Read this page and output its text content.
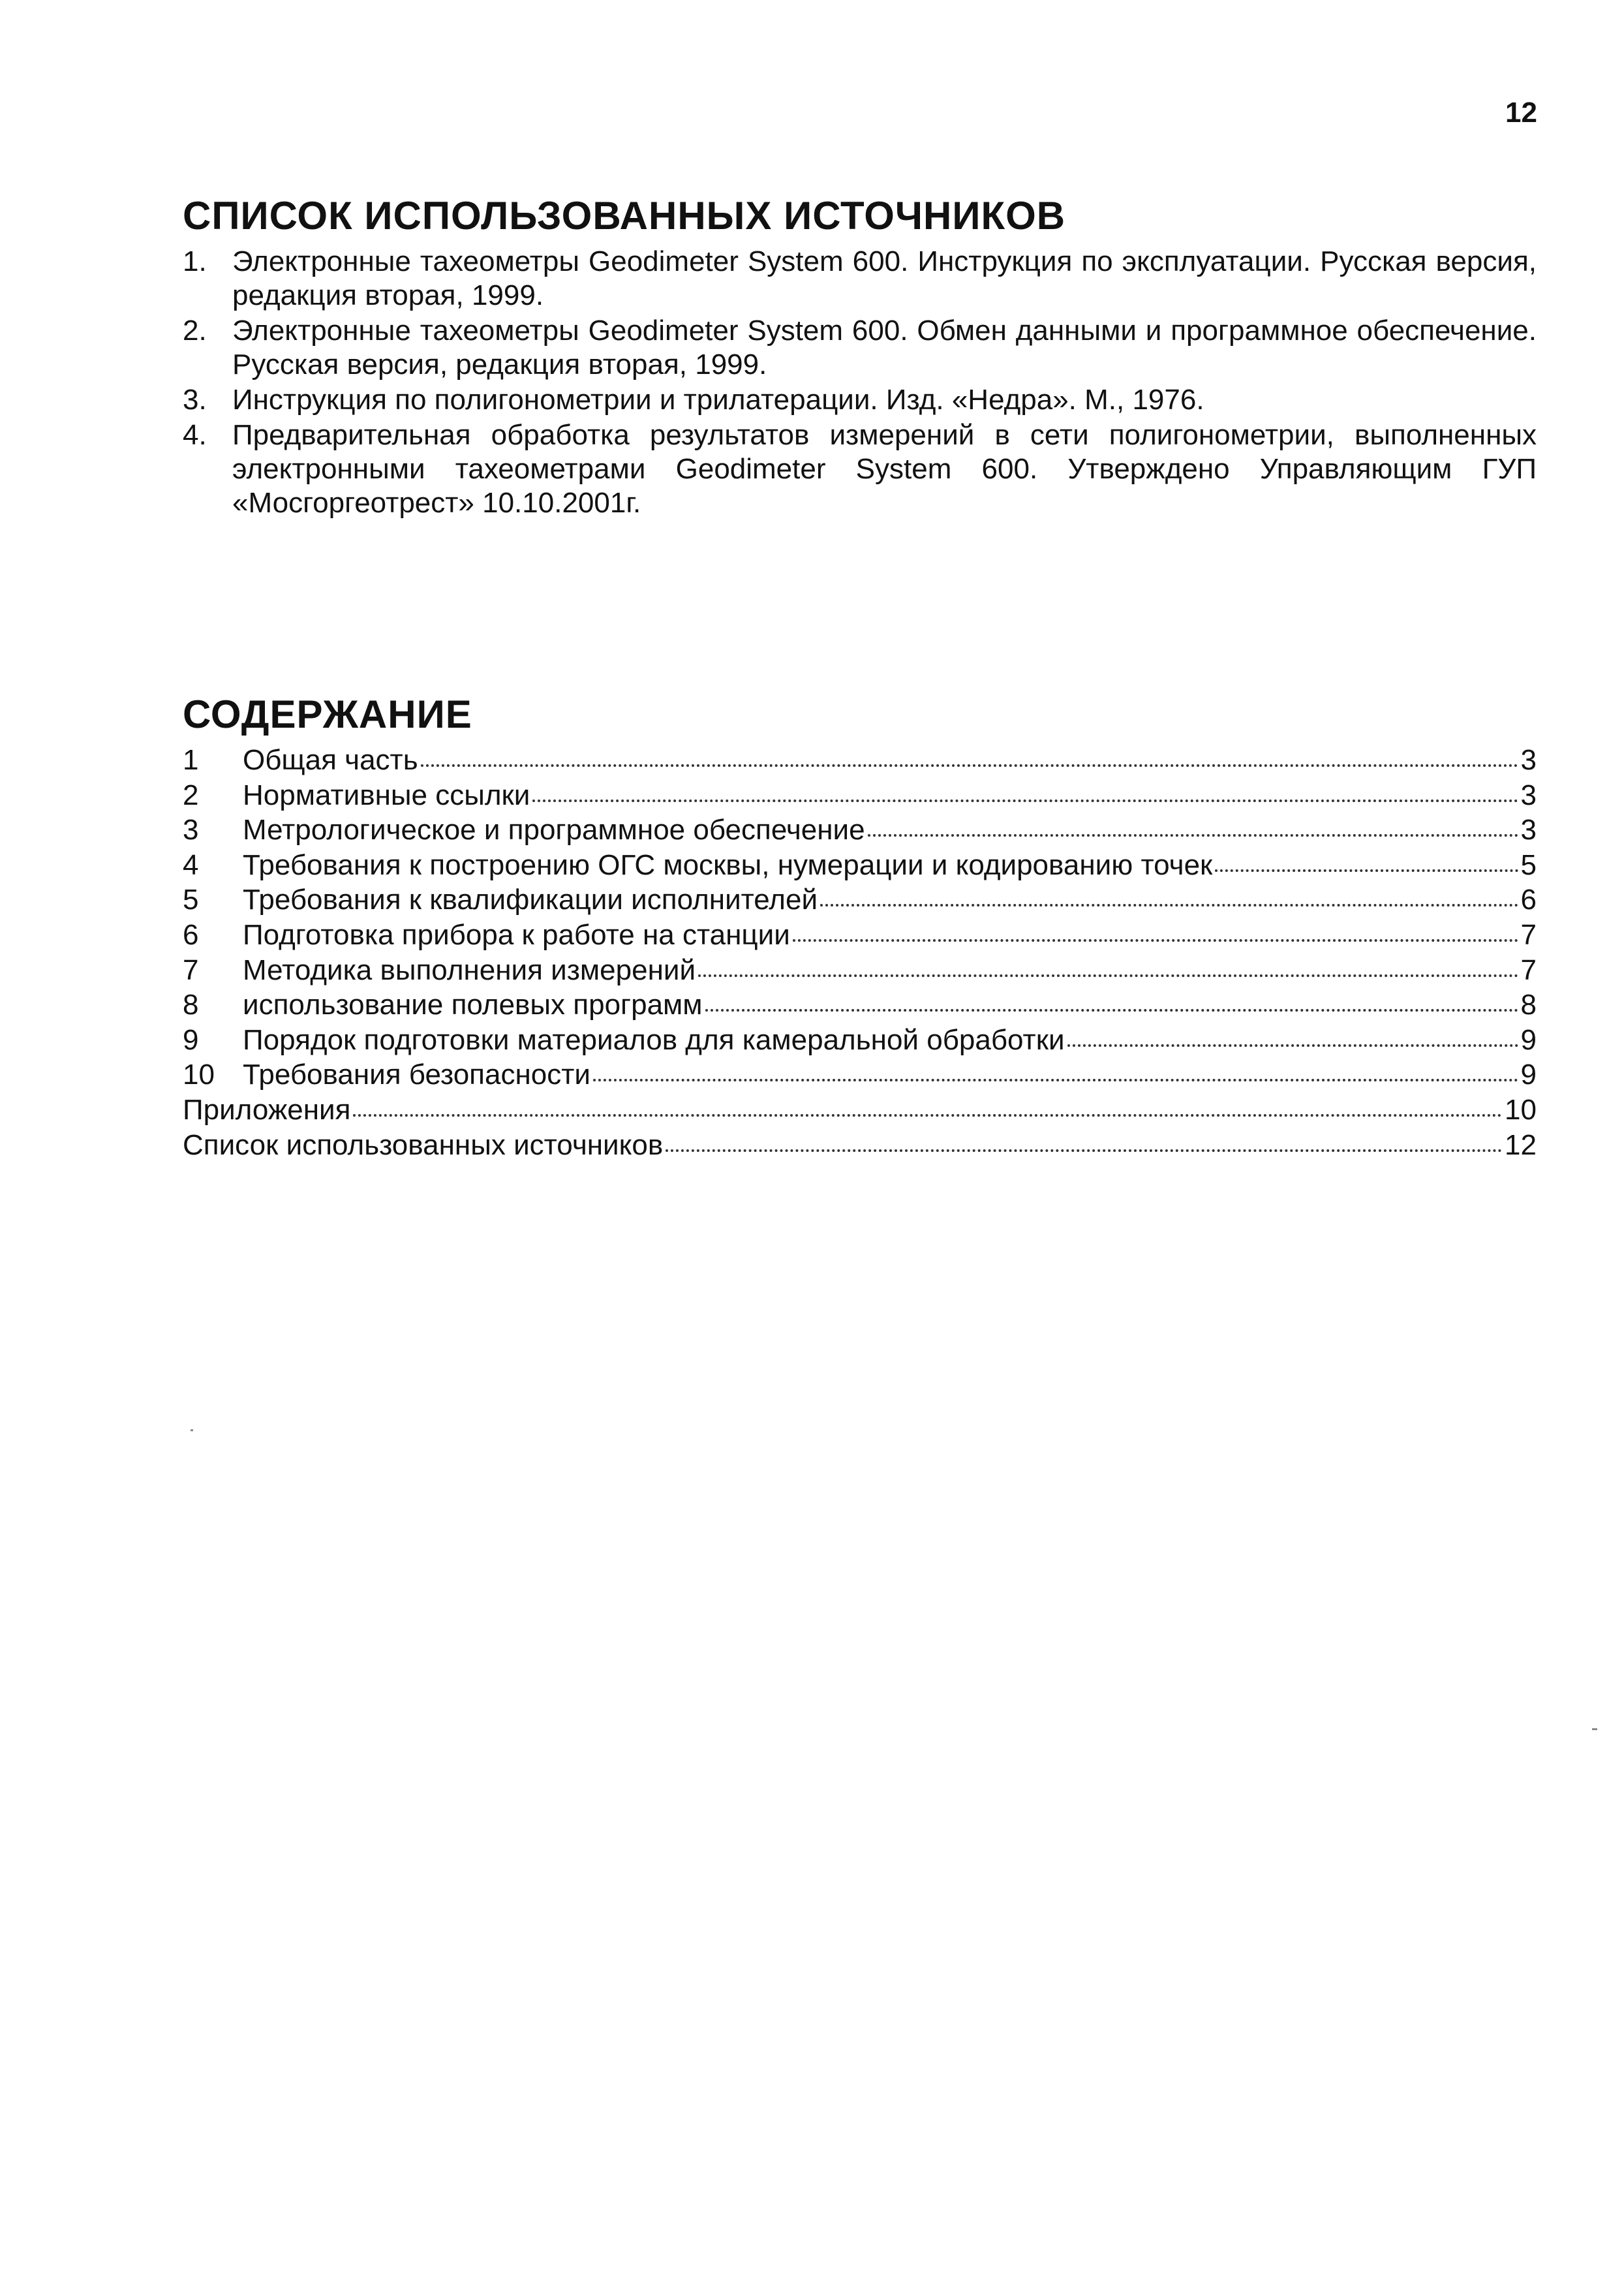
12
СПИСОК ИСПОЛЬЗОВАННЫХ ИСТОЧНИКОВ
1. Электронные тахеометры Geodimeter System 600. Инструкция по эксплуатации. Русская версия, редакция вторая, 1999.
2. Электронные тахеометры Geodimeter System 600. Обмен данными и программное обеспечение. Русская версия, редакция вторая, 1999.
3. Инструкция по полигонометрии и трилатерации. Изд. «Недра». М., 1976.
4. Предварительная обработка результатов измерений в сети полигонометрии, выполненных электронными тахеометрами Geodimeter System 600. Утверждено Управляющим ГУП «Мосгоргеотрест» 10.10.2001г.
СОДЕРЖАНИЕ
1	Общая часть	3
2	Нормативные ссылки	3
3	Метрологическое и программное обеспечение	3
4	Требования к построению ОГС москвы, нумерации и кодированию точек	5
5	Требования к квалификации исполнителей	6
6	Подготовка прибора к работе на станции	7
7	Методика выполнения измерений	7
8	использование полевых программ	8
9	Порядок подготовки материалов для камеральной обработки	9
10 Требования безопасности	9
Приложения	10
Список использованных источников	12
